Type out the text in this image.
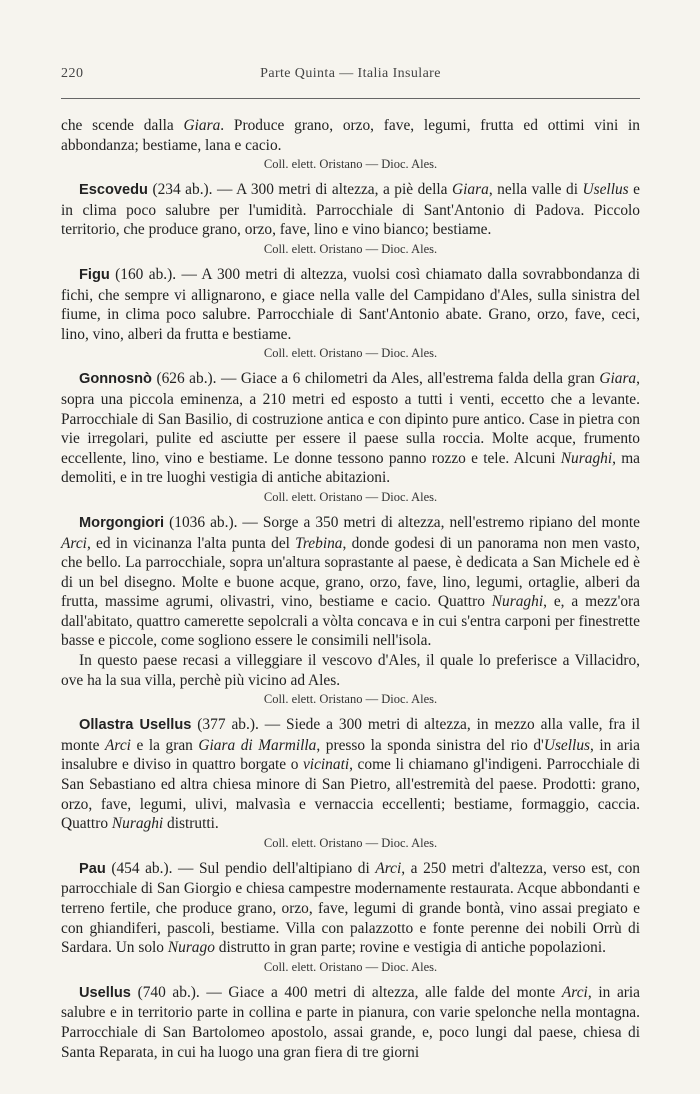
220	Parte Quinta — Italia Insulare

che scende dalla Giara. Produce grano, orzo, fave, legumi, frutta ed ottimi vini in abbondanza; bestiame, lana e cacio.

Coll. elett. Oristano — Dioc. Ales.

Escovedu (234 ab.). — A 300 metri di altezza, a piè della Giara, nella valle di Usellus e in clima poco salubre per l'umidità. Parrocchiale di Sant'Antonio di Padova. Piccolo territorio, che produce grano, orzo, fave, lino e vino bianco; bestiame.

Coll. elett. Oristano — Dioc. Ales.

Figu (160 ab.). — A 300 metri di altezza, vuolsi così chiamato dalla sovrabbondanza di fichi, che sempre vi allignarono, e giace nella valle del Campidano d'Ales, sulla sinistra del fiume, in clima poco salubre. Parrocchiale di Sant'Antonio abate. Grano, orzo, fave, ceci, lino, vino, alberi da frutta e bestiame.

Coll. elett. Oristano — Dioc. Ales.

Gonnosnò (626 ab.). — Giace a 6 chilometri da Ales, all'estrema falda della gran Giara, sopra una piccola eminenza, a 210 metri ed esposto a tutti i venti, eccetto che a levante. Parrocchiale di San Basilio, di costruzione antica e con dipinto pure antico. Case in pietra con vie irregolari, pulite ed asciutte per essere il paese sulla roccia. Molte acque, frumento eccellente, lino, vino e bestiame. Le donne tessono panno rozzo e tele. Alcuni Nuraghi, ma demoliti, e in tre luoghi vestigia di antiche abitazioni.

Coll. elett. Oristano — Dioc. Ales.

Morgongiori (1036 ab.). — Sorge a 350 metri di altezza, nell'estremo ripiano del monte Arci, ed in vicinanza l'alta punta del Trebina, donde godesi di un panorama non men vasto, che bello. La parrocchiale, sopra un'altura soprastante al paese, è dedicata a San Michele ed è di un bel disegno. Molte e buone acque, grano, orzo, fave, lino, legumi, ortaglie, alberi da frutta, massime agrumi, olivastri, vino, bestiame e cacio. Quattro Nuraghi, e, a mezz'ora dall'abitato, quattro camerette sepolcrali a vòlta concava e in cui s'entra carponi per finestrette basse e piccole, come sogliono essere le consimili nell'isola.

In questo paese recasi a villeggiare il vescovo d'Ales, il quale lo preferisce a Villacidro, ove ha la sua villa, perchè più vicino ad Ales.

Coll. elett. Oristano — Dioc. Ales.

Ollastra Usellus (377 ab.). — Siede a 300 metri di altezza, in mezzo alla valle, fra il monte Arci e la gran Giara di Marmilla, presso la sponda sinistra del rio d'Usellus, in aria insalubre e diviso in quattro borgate o vicinati, come li chiamano gl'indigeni. Parrocchiale di San Sebastiano ed altra chiesa minore di San Pietro, all'estremità del paese. Prodotti: grano, orzo, fave, legumi, ulivi, malvasìa e vernaccia eccellenti; bestiame, formaggio, caccia. Quattro Nuraghi distrutti.

Coll. elett. Oristano — Dioc. Ales.

Pau (454 ab.). — Sul pendio dell'altipiano di Arci, a 250 metri d'altezza, verso est, con parrocchiale di San Giorgio e chiesa campestre modernamente restaurata. Acque abbondanti e terreno fertile, che produce grano, orzo, fave, legumi di grande bontà, vino assai pregiato e con ghiandiferi, pascoli, bestiame. Villa con palazzotto e fonte perenne dei nobili Orrù di Sardara. Un solo Nurago distrutto in gran parte; rovine e vestigia di antiche popolazioni.

Coll. elett. Oristano — Dioc. Ales.

Usellus (740 ab.). — Giace a 400 metri di altezza, alle falde del monte Arci, in aria salubre e in territorio parte in collina e parte in pianura, con varie spelonche nella montagna. Parrocchiale di San Bartolomeo apostolo, assai grande, e, poco lungi dal paese, chiesa di Santa Reparata, in cui ha luogo una gran fiera di tre giorni
